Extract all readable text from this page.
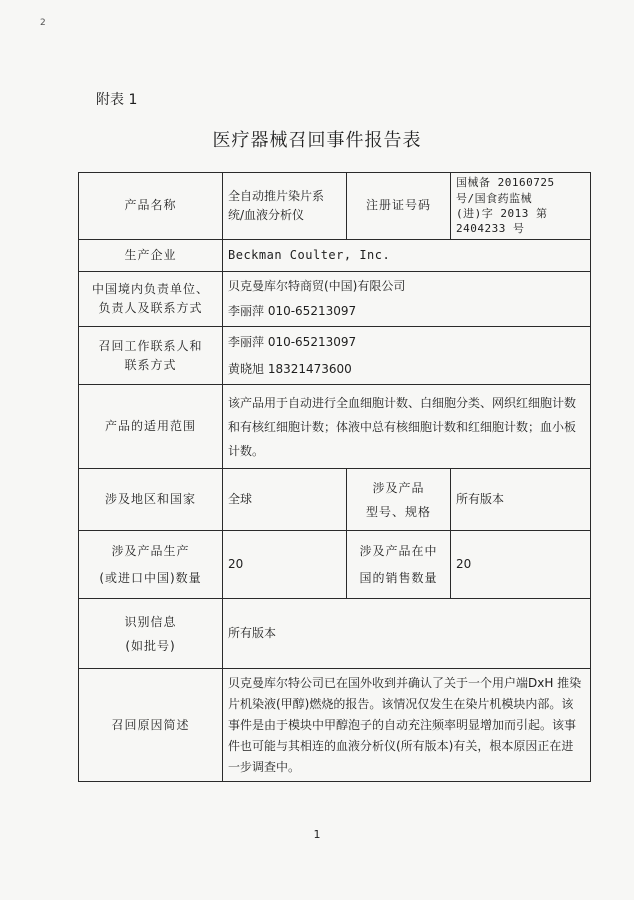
2
附表 1
医疗器械召回事件报告表
产品名称	全自动推片染片系
统/血液分析仪	注册证号码	国械备 20160725
号/国食药监械
(进)字 2013 第
2404233 号
生产企业	Beckman Coulter, Inc.		
中国境内负责单位、
负责人及联系方式	贝克曼库尔特商贸(中国)有限公司
李丽萍 010-65213097		
召回工作联系人和
联系方式	李丽萍 010-65213097
黄晓旭 18321473600		
产品的适用范围	该产品用于自动进行全血细胞计数、白细胞分类、网织红细胞计数和有核红细胞计数；体液中总有核细胞计数和红细胞计数；血小板计数。		
涉及地区和国家	全球	涉及产品
型号、规格	所有版本
涉及产品生产
(或进口中国)数量	20	涉及产品在中
国的销售数量	20
识别信息
(如批号)	所有版本		
召回原因简述	贝克曼库尔特公司已在国外收到并确认了关于一个用户端DxH 推染片机染液(甲醇)燃烧的报告。该情况仅发生在染片机模块内部。该事件是由于模块中甲醇泡子的自动充注频率明显增加而引起。该事件也可能与其相连的血液分析仪(所有版本)有关，根本原因正在进一步调查中。		
1
